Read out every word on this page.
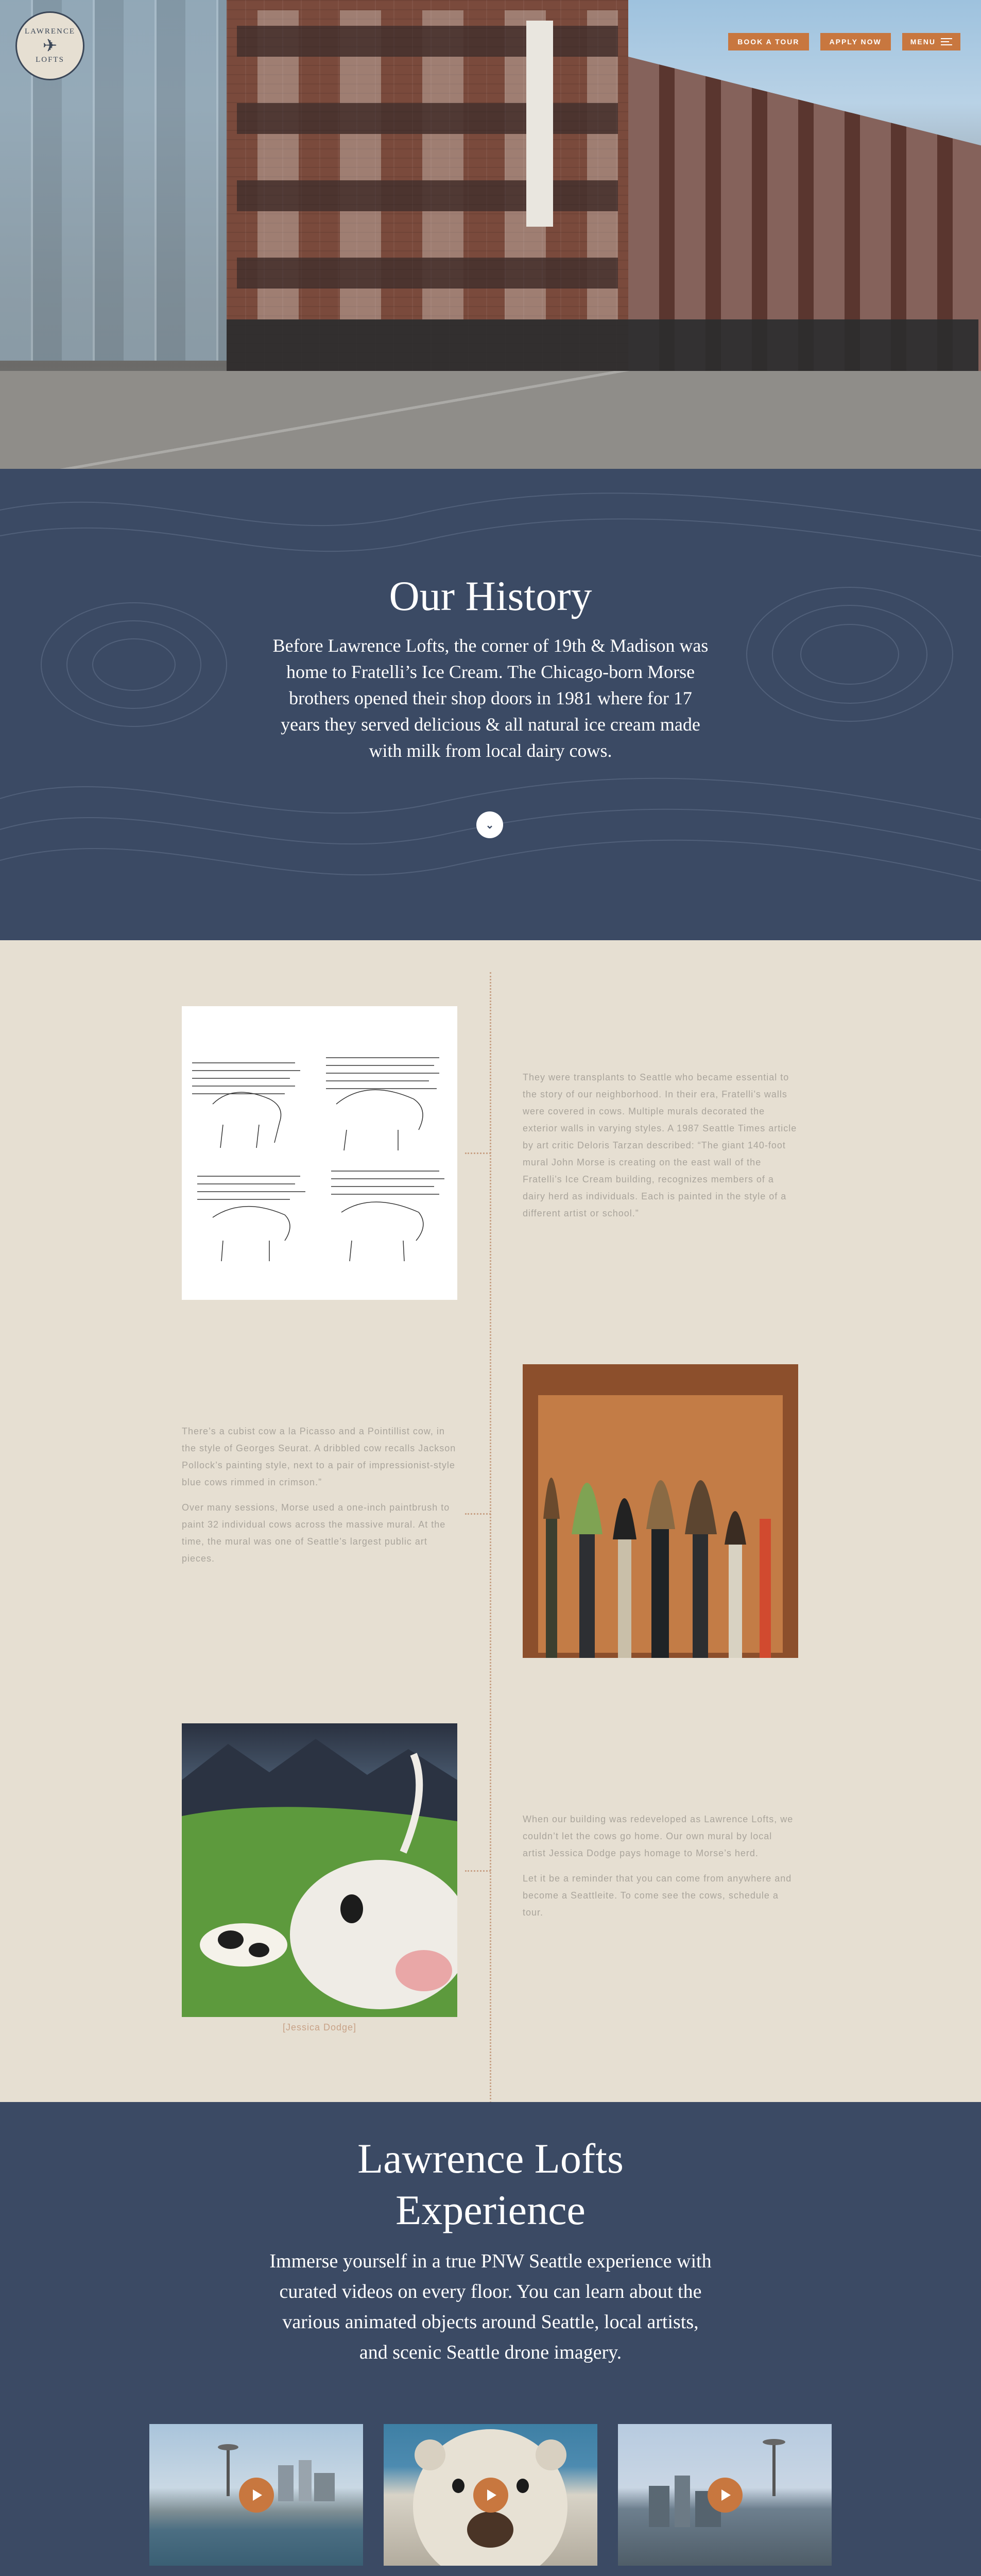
LAWRENCE
✈
LOFTS
BOOK A TOUR	APPLY NOW	MENU
Our History

Before Lawrence Lofts, the corner of 19th & Madison was home to Fratelli’s Ice Cream. The Chicago-born Morse brothers opened their shop doors in 1981 where for 17 years they served delicious & all natural ice cream made with milk from local dairy cows.

⌄

They were transplants to Seattle who became essential to the story of our neighborhood. In their era, Fratelli’s walls were covered in cows. Multiple murals decorated the exterior walls in varying styles. A 1987 Seattle Times article by art critic Deloris Tarzan described: “The giant 140-foot mural John Morse is creating on the east wall of the Fratelli’s Ice Cream building, recognizes members of a dairy herd as individuals. Each is painted in the style of a different artist or school.”

There’s a cubist cow a la Picasso and a Pointillist cow, in the style of Georges Seurat. A dribbled cow recalls Jackson Pollock’s painting style, next to a pair of impressionist-style blue cows rimmed in crimson.”

Over many sessions, Morse used a one-inch paintbrush to paint 32 individual cows across the massive mural. At the time, the mural was one of Seattle’s largest public art pieces.

[Jessica Dodge]

When our building was redeveloped as Lawrence Lofts, we couldn’t let the cows go home. Our own mural by local artist Jessica Dodge pays homage to Morse’s herd.

Let it be a reminder that you can come from anywhere and become a Seattleite. To come see the cows, schedule a tour.

Lawrence Lofts
Experience

Immerse yourself in a true PNW Seattle experience with curated videos on every floor. You can learn about the various animated objects around Seattle, local artists, and scenic Seattle drone imagery.
